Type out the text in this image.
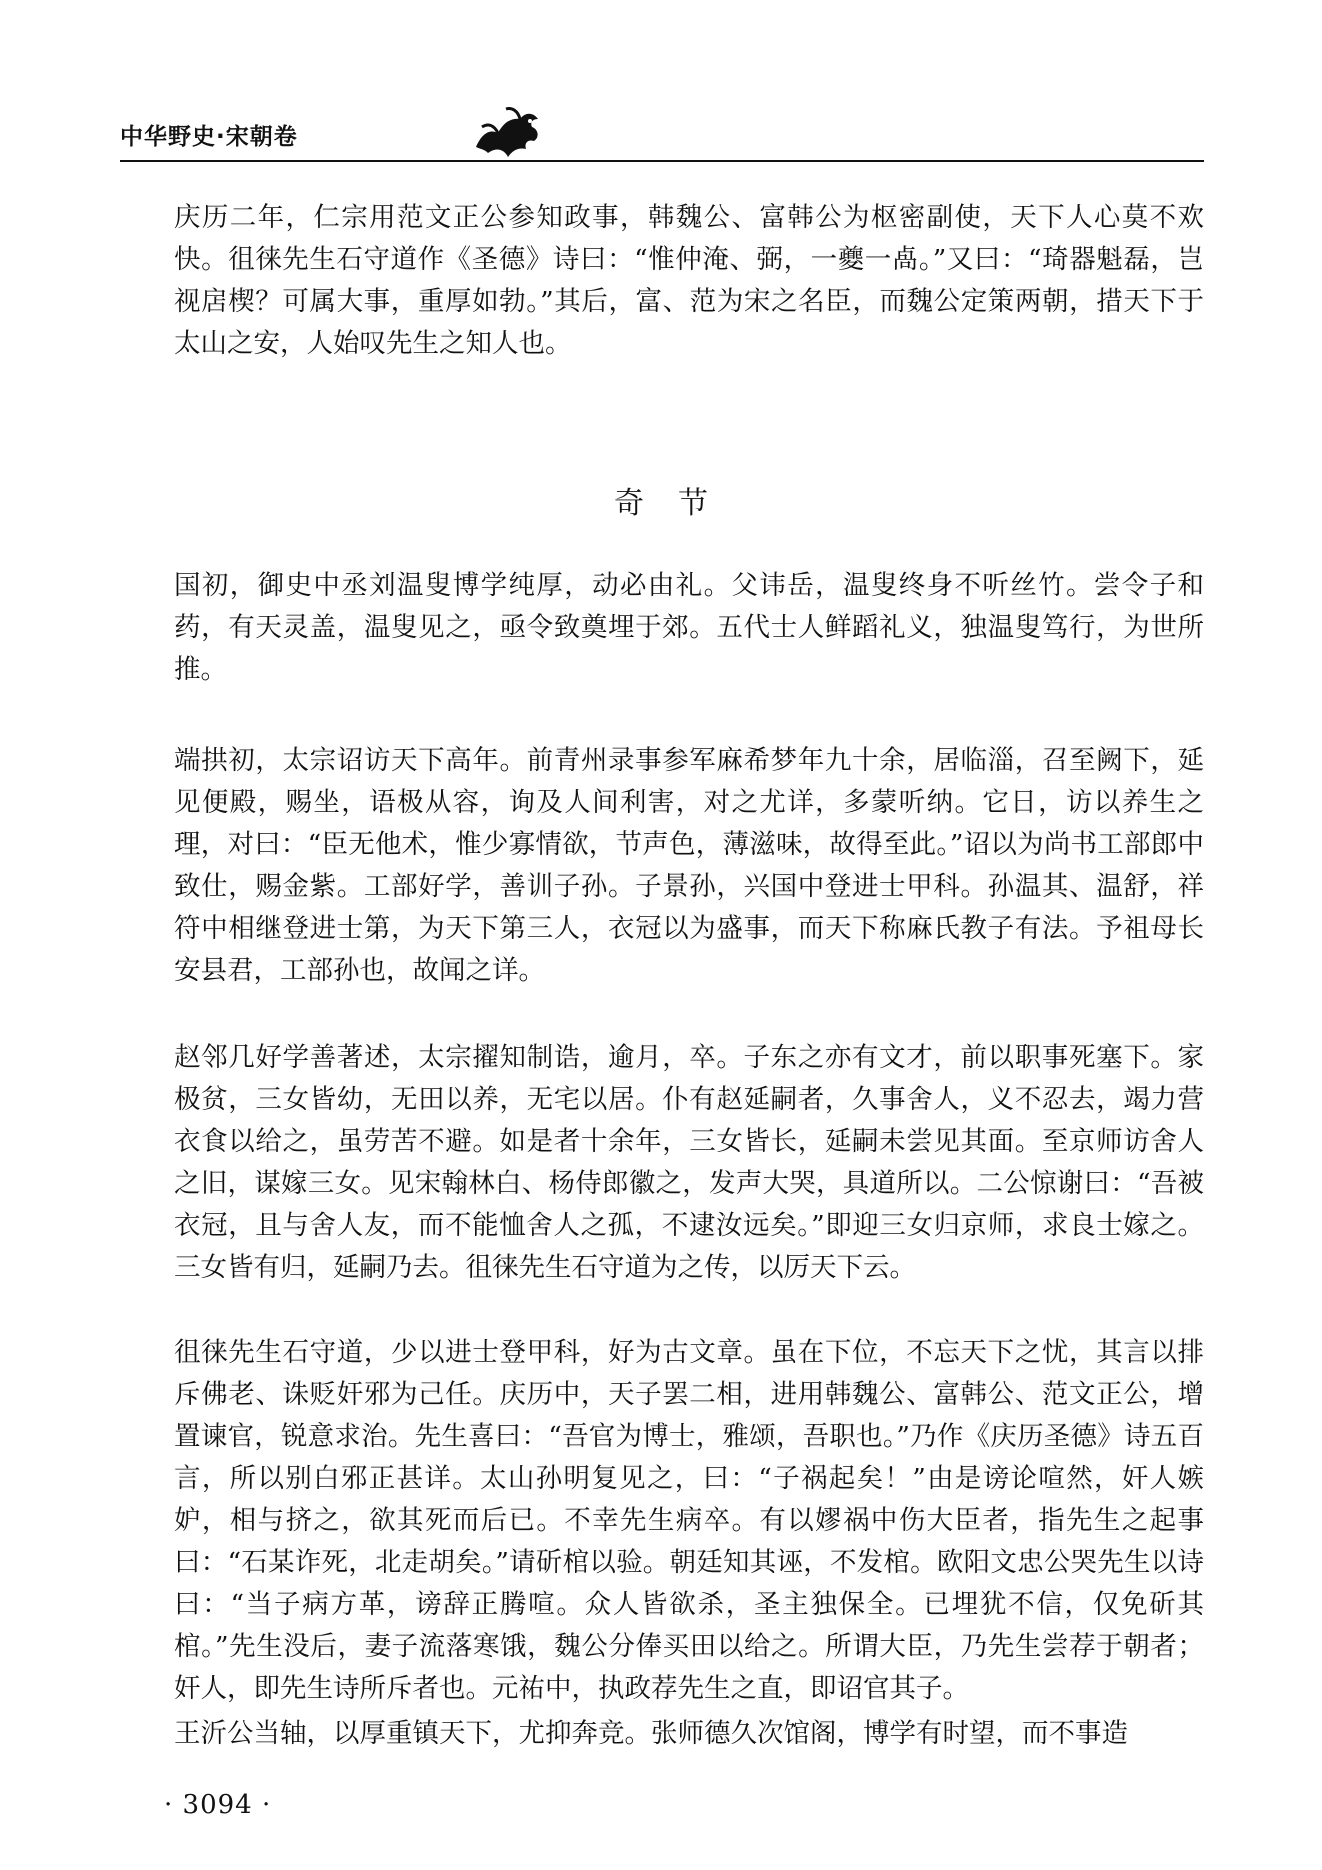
中华野史·宋朝卷

庆历二年，仁宗用范文正公参知政事，韩魏公、富韩公为枢密副使，天下人心莫不欢快。徂徕先生石守道作《圣德》诗曰：“惟仲淹、弼，一夔一卨。”又曰：“琦器魁磊，岂视扂楔？可属大事，重厚如勃。”其后，富、范为宋之名臣，而魏公定策两朝，措天下于太山之安，人始叹先生之知人也。

奇节

国初，御史中丞刘温叟博学纯厚，动必由礼。父讳岳，温叟终身不听丝竹。尝令子和药，有天灵盖，温叟见之，亟令致奠埋于郊。五代士人鲜蹈礼义，独温叟笃行，为世所推。

端拱初，太宗诏访天下高年。前青州录事参军麻希梦年九十余，居临淄，召至阙下，延见便殿，赐坐，语极从容，询及人间利害，对之尤详，多蒙听纳。它日，访以养生之理，对曰：“臣无他术，惟少寡情欲，节声色，薄滋味，故得至此。”诏以为尚书工部郎中致仕，赐金紫。工部好学，善训子孙。子景孙，兴国中登进士甲科。孙温其、温舒，祥符中相继登进士第，为天下第三人，衣冠以为盛事，而天下称麻氏教子有法。予祖母长安县君，工部孙也，故闻之详。

赵邻几好学善著述，太宗擢知制诰，逾月，卒。子东之亦有文才，前以职事死塞下。家极贫，三女皆幼，无田以养，无宅以居。仆有赵延嗣者，久事舍人，义不忍去，竭力营衣食以给之，虽劳苦不避。如是者十余年，三女皆长，延嗣未尝见其面。至京师访舍人之旧，谋嫁三女。见宋翰林白、杨侍郎徽之，发声大哭，具道所以。二公惊谢曰：“吾被衣冠，且与舍人友，而不能恤舍人之孤，不逮汝远矣。”即迎三女归京师，求良士嫁之。三女皆有归，延嗣乃去。徂徕先生石守道为之传，以厉天下云。

徂徕先生石守道，少以进士登甲科，好为古文章。虽在下位，不忘天下之忧，其言以排斥佛老、诛贬奸邪为己任。庆历中，天子罢二相，进用韩魏公、富韩公、范文正公，增置谏官，锐意求治。先生喜曰：“吾官为博士，雅颂，吾职也。”乃作《庆历圣德》诗五百言，所以别白邪正甚详。太山孙明复见之，曰：“子祸起矣！”由是谤论喧然，奸人嫉妒，相与挤之，欲其死而后已。不幸先生病卒。有以嫪祸中伤大臣者，指先生之起事曰：“石某诈死，北走胡矣。”请斫棺以验。朝廷知其诬，不发棺。欧阳文忠公哭先生以诗曰：“当子病方革，谤辞正腾喧。众人皆欲杀，圣主独保全。已埋犹不信，仅免斫其棺。”先生没后，妻子流落寒饿，魏公分俸买田以给之。所谓大臣，乃先生尝荐于朝者；奸人，即先生诗所斥者也。元祐中，执政荐先生之直，即诏官其子。

王沂公当轴，以厚重镇天下，尤抑奔竞。张师德久次馆阁，博学有时望，而不事造

· 3094 ·
